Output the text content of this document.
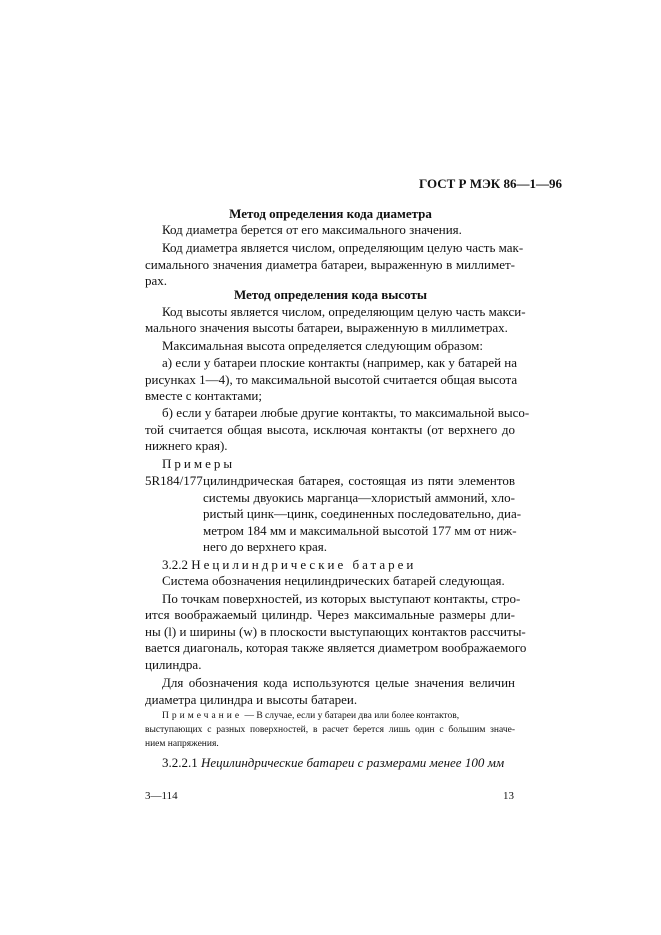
ГОСТ Р МЭК 86—1—96
Метод определения кода диаметра
Код диаметра берется от его максимального значения.
Код диаметра является числом, определяющим целую часть мак-
симального значения диаметра батареи, выраженную в миллимет-
рах.
Метод определения кода высоты
Код высоты является числом, определяющим целую часть макси-
мального значения высоты батареи, выраженную в миллиметрах.
Максимальная высота определяется следующим образом:
а) если у батареи плоские контакты (например, как у батарей на
рисунках 1—4), то максимальной высотой считается общая высота
вместе с контактами;
б) если у батареи любые другие контакты, то максимальной высо-
той считается общая высота, исключая контакты (от верхнего до
нижнего края).
Примеры
5R184/177 цилиндрическая батарея, состоящая из пяти элементов
системы двуокись марганца—хлористый аммоний, хло-
ристый цинк—цинк, соединенных последовательно, диа-
метром 184 мм и максимальной высотой 177 мм от ниж-
него до верхнего края.
3.2.2 Нецилиндрические батареи
Система обозначения нецилиндрических батарей следующая.
По точкам поверхностей, из которых выступают контакты, стро-
ится воображаемый цилиндр. Через максимальные размеры дли-
ны (l) и ширины (w) в плоскости выступающих контактов рассчиты-
вается диагональ, которая также является диаметром воображаемого
цилиндра.
Для обозначения кода используются целые значения величин
диаметра цилиндра и высоты батареи.
Примечание — В случае, если у батареи два или более контактов,
выступающих с разных поверхностей, в расчет берется лишь один с большим значе-
нием напряжения.
3.2.2.1 Нецилиндрические батареи с размерами менее 100 мм
3—114	13
